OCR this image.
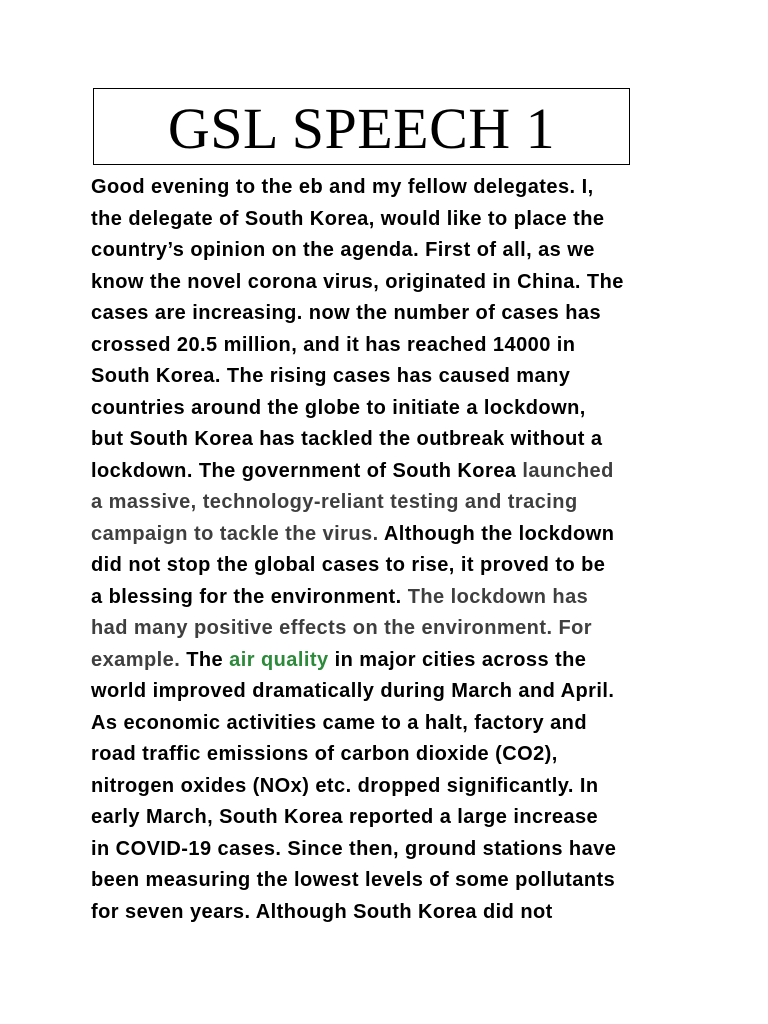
GSL SPEECH 1
Good evening to the eb and my fellow delegates. I,
the delegate of South Korea, would like to place the
country’s opinion on the agenda. First of all, as we
know the novel corona virus, originated in China. The
cases are increasing. now the number of cases has
crossed 20.5 million, and it has reached 14000 in
South Korea. The rising cases has caused many
countries around the globe to initiate a lockdown,
but South Korea has tackled the outbreak without a
lockdown. The government of South Korea launched
a massive, technology-reliant testing and tracing
campaign to tackle the virus. Although the lockdown
did not stop the global cases to rise, it proved to be
a blessing for the environment. The lockdown has
had many positive effects on the environment. For
example. The air quality in major cities across the
world improved dramatically during March and April.
As economic activities came to a halt, factory and
road traffic emissions of carbon dioxide (CO2),
nitrogen oxides (NOx) etc. dropped significantly. In
early March, South Korea reported a large increase
in COVID-19 cases. Since then, ground stations have
been measuring the lowest levels of some pollutants
for seven years. Although South Korea did not
